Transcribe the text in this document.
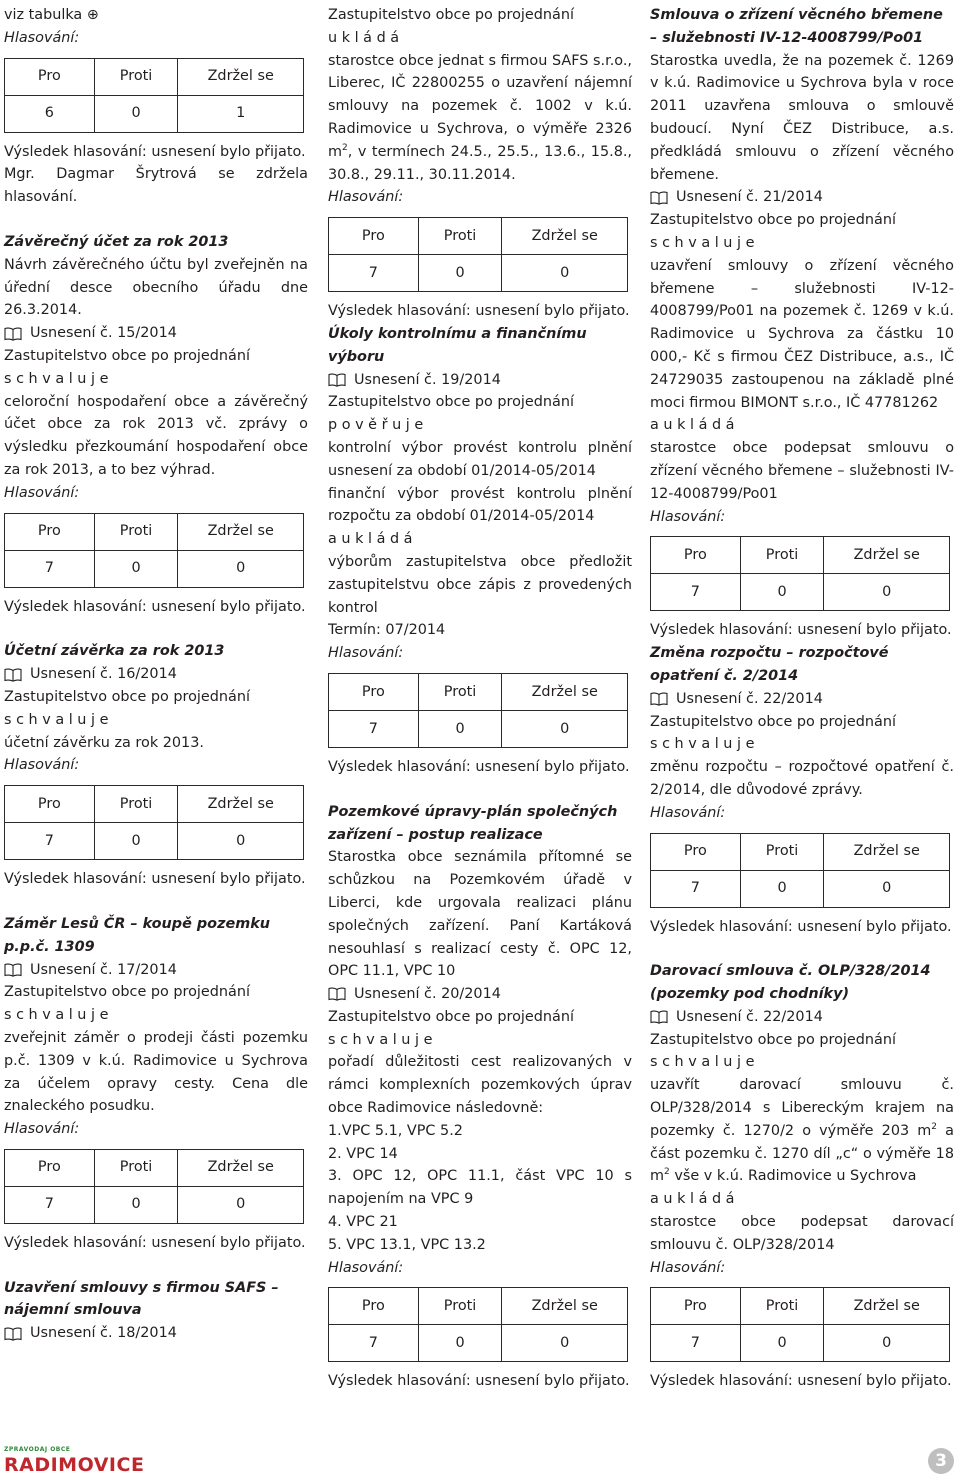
viz tabulka ⊕

Hlasování:

Pro	Proti	Zdržel se
6	0	1

Výsledek hlasování: usnesení bylo přijato.

Mgr. Dagmar Šrytrová se zdržela hlasování.

Závěrečný účet za rok 2013

Návrh závěrečného účtu byl zveřejněn na úřední desce obecního úřadu dne 26.3.2014.

Usnesení č. 15/2014

Zastupitelstvo obce po projednání

s c h v a l u j e

celoroční hospodaření obce a závěrečný účet obce za rok 2013 vč. zprávy o výsledku přezkoumání hospodaření obce za rok 2013, a to bez výhrad.

Hlasování:

Pro	Proti	Zdržel se
7	0	0

Výsledek hlasování: usnesení bylo přijato.

Účetní závěrka za rok 2013

Usnesení č. 16/2014

Zastupitelstvo obce po projednání

s c h v a l u j e

účetní závěrku za rok 2013.

Hlasování:

Pro	Proti	Zdržel se
7	0	0

Výsledek hlasování: usnesení bylo přijato.

Záměr Lesů ČR – koupě pozemku p.p.č. 1309

Usnesení č. 17/2014

Zastupitelstvo obce po projednání

s c h v a l u j e

zveřejnit záměr o prodeji části pozemku p.č. 1309 v k.ú. Radimovice u Sychrova za účelem opravy cesty. Cena dle znaleckého posudku.

Hlasování:

Pro	Proti	Zdržel se
7	0	0

Výsledek hlasování: usnesení bylo přijato.

Uzavření smlouvy s firmou SAFS – nájemní smlouva

Usnesení č. 18/2014

Zastupitelstvo obce po projednání

u k l á d á

starostce obce jednat s firmou SAFS s.r.o., Liberec, IČ 22800255 o uzavření nájemní smlouvy na pozemek č. 1002 v k.ú. Radimovice u Sychrova, o výměře 2326 $m^2$, v termínech 24.5., 25.5., 13.6., 15.8., 30.8., 29.11., 30.11.2014.

Hlasování:

Pro	Proti	Zdržel se
7	0	0

Výsledek hlasování: usnesení bylo přijato.

Úkoly kontrolnímu a finančnímu výboru

Usnesení č. 19/2014

Zastupitelstvo obce po projednání

p o v ě ř u j e

kontrolní výbor provést kontrolu plnění usnesení za období 01/2014-05/2014

finanční výbor provést kontrolu plnění rozpočtu za období 01/2014-05/2014

a u k l á d á

výborům zastupitelstva obce předložit zastupitelstvu obce zápis z provedených kontrol

Termín: 07/2014

Hlasování:

Pro	Proti	Zdržel se
7	0	0

Výsledek hlasování: usnesení bylo přijato.

Pozemkové úpravy-plán společných zařízení – postup realizace

Starostka obce seznámila přítomné se schůzkou na Pozemkovém úřadě v Liberci, kde urgovala realizaci plánu společných zařízení. Paní Kartáková nesouhlasí s realizací cesty č. OPC 12, OPC 11.1, VPC 10

Usnesení č. 20/2014

Zastupitelstvo obce po projednání

s c h v a l u j e

pořadí důležitosti cest realizovaných v rámci komplexních pozemkových úprav obce Radimovice následovně:

1.VPC 5.1, VPC 5.2

2. VPC 14

3. OPC 12, OPC 11.1, část VPC 10 s napojením na VPC 9

4. VPC 21

5. VPC 13.1, VPC 13.2

Hlasování:

Pro	Proti	Zdržel se
7	0	0

Výsledek hlasování: usnesení bylo přijato.

Smlouva o zřízení věcného břemene – služebnosti IV-12-4008799/Po01

Starostka uvedla, že na pozemek č. 1269 v k.ú. Radimovice u Sychrova byla v roce 2011 uzavřena smlouva o smlouvě budoucí. Nyní ČEZ Distribuce, a.s. předkládá smlouvu o zřízení věcného břemene.

Usnesení č. 21/2014

Zastupitelstvo obce po projednání

s c h v a l u j e

uzavření smlouvy o zřízení věcného břemene – služebnosti IV-12-4008799/Po01 na pozemek č. 1269 v k.ú. Radimovice u Sychrova za částku 10 000,- Kč s firmou ČEZ Distribuce, a.s., IČ 24729035 zastoupenou na základě plné moci firmou BIMONT s.r.o., IČ 47781262

a u k l á d á

starostce obce podepsat smlouvu o zřízení věcného břemene – služebnosti IV-12-4008799/Po01

Hlasování:

Pro	Proti	Zdržel se
7	0	0

Výsledek hlasování: usnesení bylo přijato.

Změna rozpočtu – rozpočtové opatření č. 2/2014

Usnesení č. 22/2014

Zastupitelstvo obce po projednání

s c h v a l u j e

změnu rozpočtu – rozpočtové opatření č. 2/2014, dle důvodové zprávy.

Hlasování:

Pro	Proti	Zdržel se
7	0	0

Výsledek hlasování: usnesení bylo přijato.

Darovací smlouva č. OLP/328/2014 (pozemky pod chodníky)

Usnesení č. 22/2014

Zastupitelstvo obce po projednání

s c h v a l u j e

uzavřít darovací smlouvu č. OLP/328/2014 s Libereckým krajem na pozemky č. 1270/2 o výměře 203 $m^2$ a část pozemku č. 1270 díl „c“ o výměře 18 $m^2$ vše v k.ú. Radimovice u Sychrova

a u k l á d á

starostce obce podepsat darovací smlouvu č. OLP/328/2014

Hlasování:

Pro	Proti	Zdržel se
7	0	0

Výsledek hlasování: usnesení bylo přijato.

ZPRAVODAJ OBCE
RADIMOVICE	3
